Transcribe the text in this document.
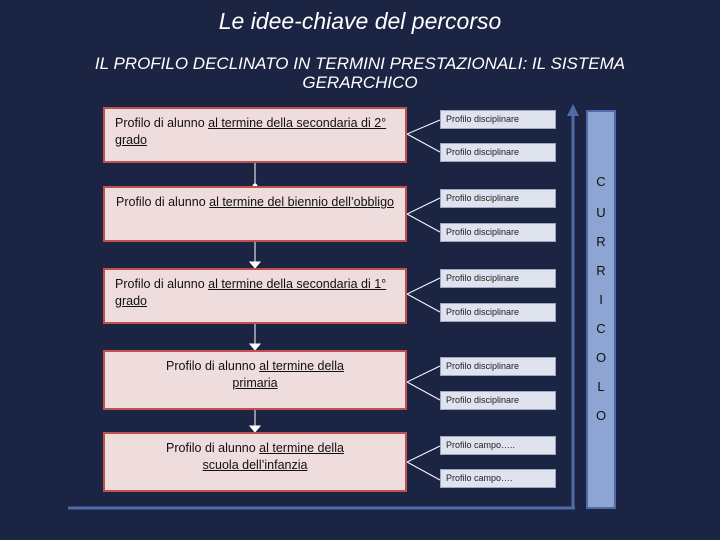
Le idee-chiave del percorso
IL PROFILO DECLINATO IN TERMINI PRESTAZIONALI: IL SISTEMA GERARCHICO
Profilo di alunno al termine della secondaria di 2° grado
Profilo di alunno al termine del biennio dell’obbligo
Profilo di alunno al termine della secondaria di 1° grado
Profilo di alunno al termine della primaria
Profilo di alunno al termine della scuola dell’infanzia
Profilo disciplinare
Profilo disciplinare
Profilo disciplinare
Profilo disciplinare
Profilo disciplinare
Profilo disciplinare
Profilo disciplinare
Profilo disciplinare
Profilo campo…..
Profilo campo….
C
U
R
R
I
C
O
L
O
